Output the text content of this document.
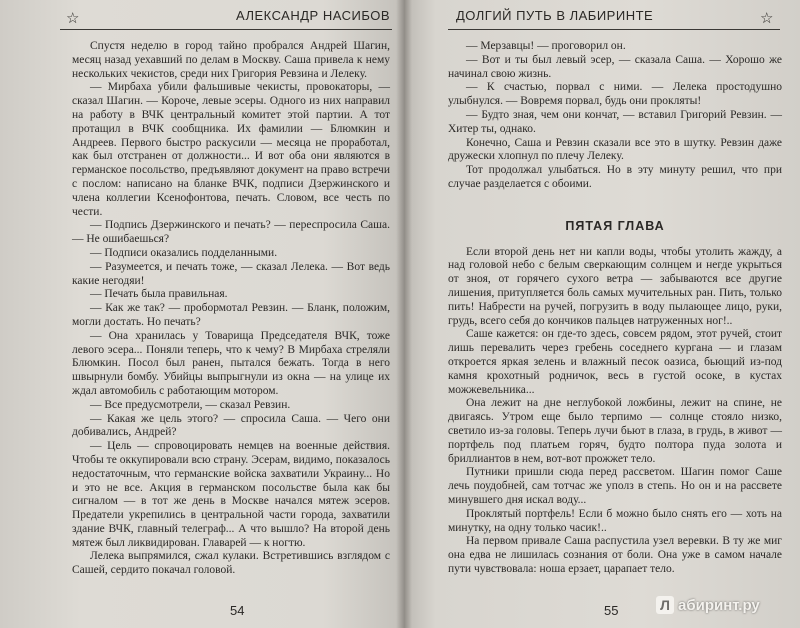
☆	АЛЕКСАНДР НАСИБОВ

Спустя неделю в город тайно пробрался Андрей Шагин, месяц назад уехавший по делам в Москву. Саша привела к нему нескольких чекистов, среди них Григория Ревзина и Лелеку.

— Мирбаха убили фальшивые чекисты, провокаторы, — сказал Шагин. — Короче, левые эсеры. Одного из них направил на работу в ВЧК центральный комитет этой партии. А тот протащил в ВЧК сообщника. Их фамилии — Блюмкин и Андреев. Первого быстро раскусили — месяца не проработал, как был отстранен от должности... И вот оба они являются в германское посольство, предъявляют документ на право встречи с послом: написано на бланке ВЧК, подписи Дзержинского и члена коллегии Ксенофонтова, печать. Словом, все честь по чести.

— Подпись Дзержинского и печать? — переспросила Саша. — Не ошибаешься?

— Подписи оказались подделанными.

— Разумеется, и печать тоже, — сказал Лелека. — Вот ведь какие негодяи!

— Печать была правильная.

— Как же так? — пробормотал Ревзин. — Бланк, положим, могли достать. Но печать?

— Она хранилась у Товарища Председателя ВЧК, тоже левого эсера... Поняли теперь, что к чему? В Мирбаха стреляли Блюмкин. Посол был ранен, пытался бежать. Тогда в него швырнули бомбу. Убийцы выпрыгнули из окна — на улице их ждал автомобиль с работающим мотором.

— Все предусмотрели, — сказал Ревзин.

— Какая же цель этого? — спросила Саша. — Чего они добивались, Андрей?

— Цель — спровоцировать немцев на военные действия. Чтобы те оккупировали всю страну. Эсерам, видимо, показалось недостаточным, что германские войска захватили Украину... Но и это не все. Акция в германском посольстве была как бы сигналом — в тот же день в Москве начался мятеж эсеров. Предатели укрепились в центральной части города, захватили здание ВЧК, главный телеграф... А что вышло? На второй день мятеж был ликвидирован. Главарей — к ногтю.

Лелека выпрямился, сжал кулаки. Встретившись взглядом с Сашей, сердито покачал головой.

54
☆
ДОЛГИЙ ПУТЬ В ЛАБИРИНТЕ

— Мерзавцы! — проговорил он.

— Вот и ты был левый эсер, — сказала Саша. — Хорошо же начинал свою жизнь.

— К счастью, порвал с ними. — Лелека простодушно улыбнулся. — Вовремя порвал, будь они прокляты!

— Будто зная, чем они кончат, — вставил Григорий Ревзин. — Хитер ты, однако.

Конечно, Саша и Ревзин сказали все это в шутку. Ревзин даже дружески хлопнул по плечу Лелеку.

Тот продолжал улыбаться. Но в эту минуту решил, что при случае разделается с обоими.

ПЯТАЯ ГЛАВА

Если второй день нет ни капли воды, чтобы утолить жажду, а над головой небо с белым сверкающим солнцем и негде укрыться от зноя, от горячего сухого ветра — забываются все другие лишения, притупляется боль самых мучительных ран. Пить, только пить! Набрести на ручей, погрузить в воду пылающее лицо, руки, грудь, всего себя до кончиков пальцев натруженных ног!..

Саше кажется: он где-то здесь, совсем рядом, этот ручей, стоит лишь перевалить через гребень соседнего кургана — и глазам откроется яркая зелень и влажный песок оазиса, бьющий из-под камня крохотный родничок, весь в густой осоке, в кустах можжевельника...

Она лежит на дне неглубокой ложбины, лежит на спине, не двигаясь. Утром еще было терпимо — солнце стояло низко, светило из-за головы. Теперь лучи бьют в глаза, в грудь, в живот — портфель под платьем горяч, будто полтора пуда золота и бриллиантов в нем, вот-вот прожжет тело.

Путники пришли сюда перед рассветом. Шагин помог Саше лечь поудобней, сам тотчас же уполз в степь. Но он и на рассвете минувшего дня искал воду...

Проклятый портфель! Если б можно было снять его — хоть на минутку, на одну только часик!..

На первом привале Саша распустила узел веревки. В ту же миг она едва не лишилась сознания от боли. Она уже в самом начале пути чувствовала: ноша ерзает, царапает тело.

55	Л абиринт.ру
